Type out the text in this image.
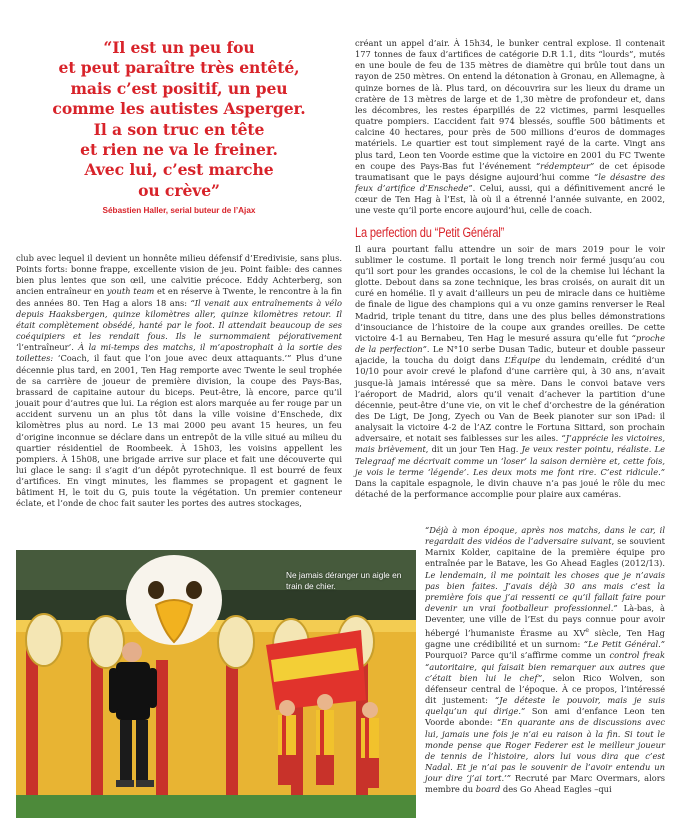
“Il est un peu fou
et peut paraître très entêté,
mais c’est positif, un peu
comme les autistes Asperger.
Il a son truc en tête
et rien ne va le freiner.
Avec lui, c’est marche
ou crève”
Sébastien Haller, serial buteur de l’Ajax

club avec lequel il devient un honnête milieu défensif d’Eredivisie, sans plus. Points forts: bonne frappe, excellente vision de jeu. Point faible: des cannes bien plus lentes que son œil, une calvitie précoce. Eddy Achterberg, son ancien entraîneur en youth team et en réserve à Twente, le rencontre à la fin des années 80. Ten Hag a alors 18 ans: “Il venait aux entraînements à vélo depuis Haaksbergen, quinze kilomètres aller, quinze kilomètres retour. Il était complètement obsédé, hanté par le foot. Il attendait beaucoup de ses coéquipiers et les rendait fous. Ils le surnommaient péjorativement ‘l’entraîneur’. À la mi-temps des matchs, il m’apostrophait à la sortie des toilettes: ‘Coach, il faut que l’on joue avec deux attaquants.’” Plus d’une décennie plus tard, en 2001, Ten Hag remporte avec Twente le seul trophée de sa carrière de joueur de première division, la coupe des Pays-Bas, brassard de capitaine autour du biceps. Peut-être, là encore, parce qu’il jouait pour d’autres que lui. La région est alors marquée au fer rouge par un accident survenu un an plus tôt dans la ville voisine d’Enschede, dix kilomètres plus au nord. Le 13 mai 2000 peu avant 15 heures, un feu d’origine inconnue se déclare dans un entrepôt de la ville situé au milieu du quartier résidentiel de Roombeek. À 15h03, les voisins appellent les pompiers. À 15h08, une brigade arrive sur place et fait une découverte qui lui glace le sang: il s’agit d’un dépôt pyrotechnique. Il est bourré de feux d’artifices. En vingt minutes, les flammes se propagent et gagnent le bâtiment H, le toit du G, puis toute la végétation. Un premier conteneur éclate, et l’onde de choc fait sauter les portes des autres stockages,

créant un appel d’air. À 15h34, le bunker central explose. Il contenait 177 tonnes de faux d’artifices de catégorie D.R 1.1, dits “lourds”, mutés en une boule de feu de 135 mètres de diamètre qui brûle tout dans un rayon de 250 mètres. On entend la détonation à Gronau, en Allemagne, à quinze bornes de là. Plus tard, on découvrira sur les lieux du drame un cratère de 13 mètres de large et de 1,30 mètre de profondeur et, dans les décombres, les restes éparpillés de 22 victimes, parmi lesquelles quatre pompiers. L’accident fait 974 blessés, souffle 500 bâtiments et calcine 40 hectares, pour près de 500 millions d’euros de dommages matériels. Le quartier est tout simplement rayé de la carte. Vingt ans plus tard, Leon ten Voorde estime que la victoire en 2001 du FC Twente en coupe des Pays-Bas fut l’événement “rédempteur” de cet épisode traumatisant que le pays désigne aujourd’hui comme “le désastre des feux d’artifice d’Enschede”. Celui, aussi, qui a définitivement ancré le cœur de Ten Hag à l’Est, là où il a étrenné l’année suivante, en 2002, une veste qu’il porte encore aujourd’hui, celle de coach.

La perfection du “Petit Général”

Il aura pourtant fallu attendre un soir de mars 2019 pour le voir sublimer le costume. Il portait le long trench noir fermé jusqu’au cou qu’il sort pour les grandes occasions, le col de la chemise lui léchant la glotte. Debout dans sa zone technique, les bras croisés, on aurait dit un curé en homélie. Il y avait d’ailleurs un peu de miracle dans ce huitième de finale de ligue des champions qui a vu onze gamins renverser le Real Madrid, triple tenant du titre, dans une des plus belles démonstrations d’insouciance de l’histoire de la coupe aux grandes oreilles. De cette victoire 4-1 au Bernabeu, Ten Hag le mesuré assura qu’elle fut “proche de la perfection”. Le N°10 serbe Dusan Tadic, buteur et double passeur ajacide, la toucha du doigt dans L’Équipe du lendemain, crédité d’un 10/10 pour avoir crevé le plafond d’une carrière qui, à 30 ans, n’avait jusque-là jamais intéressé que sa mère. Dans le convoi batave vers l’aéroport de Madrid, alors qu’il venait d’achever la partition d’une décennie, peut-être d’une vie, on vit le chef d’orchestre de la génération des De Ligt, De Jong, Zyech ou Van de Beek pianoter sur son iPad: il analysait la victoire 4-2 de l’AZ contre le Fortuna Sittard, son prochain adversaire, et notait ses faiblesses sur les ailes. “J’apprécie les victoires, mais brièvement, dit un jour Ten Hag. Je veux rester pointu, réaliste. Le Telegraaf me décrivait comme un ‘loser’ la saison dernière et, cette fois, je vois le terme ‘légende’. Les deux mots me font rire. C’est ridicule.” Dans la capitale espagnole, le divin chauve n’a pas joué le rôle du mec détaché de la performance accomplie pour plaire aux caméras.

“Déjà à mon époque, après nos matchs, dans le car, il regardait des vidéos de l’adversaire suivant, se souvient Marnix Kolder, capitaine de la première équipe pro entraînée par le Batave, les Go Ahead Eagles (2012/13). Le lendemain, il me pointait les choses que je n’avais pas bien faites. J’avais déjà 30 ans mais c’est la première fois que j’ai ressenti ce qu’il fallait faire pour devenir un vrai footballeur professionnel.” Là-bas, à Deventer, une ville de l’Est du pays connue pour avoir hébergé l’humaniste Érasme au XVe siècle, Ten Hag gagne une crédibilité et un surnom: “Le Petit Général.” Pourquoi? Parce qu’il s’affirme comme un control freak “autoritaire, qui faisait bien remarquer aux autres que c’était bien lui le chef”, selon Rico Wolven, son défenseur central de l’époque. À ce propos, l’intéressé dit justement: “Je déteste le pouvoir, mais je suis quelqu’un qui dirige.” Son ami d’enfance Leon ten Voorde abonde: “En quarante ans de discussions avec lui, jamais une fois je n’ai eu raison à la fin. Si tout le monde pense que Roger Federer est le meilleur joueur de tennis de l’histoire, alors lui vous dira que c’est Nadal. Et je n’ai pas le souvenir de l’avoir entendu un jour dire ‘j’ai tort.’” Recruté par Marc Overmars, alors membre du board des Go Ahead Eagles –qui

Ne jamais déranger un aigle en train de chier.
